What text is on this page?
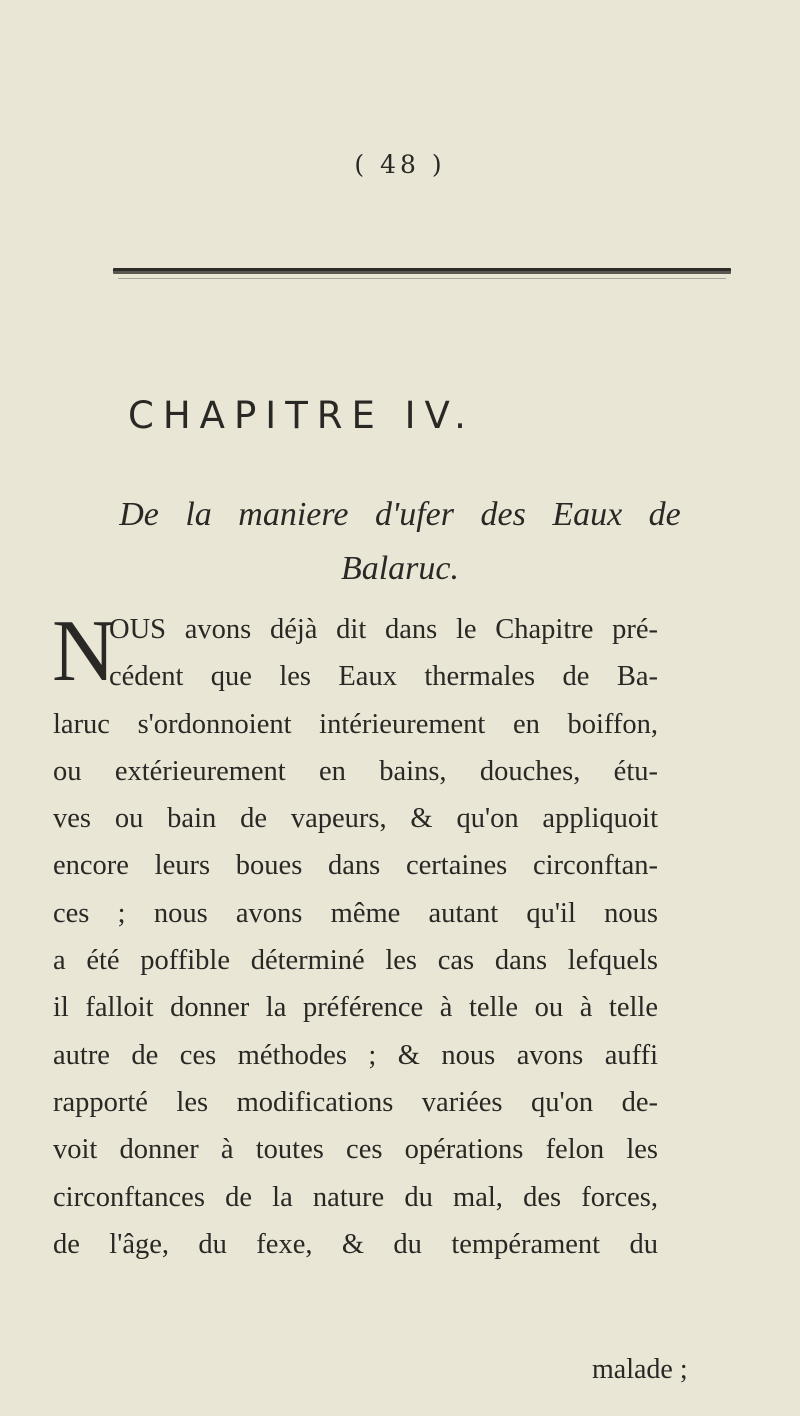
( 48 )
CHAPITRE IV.
De la maniere d'ufer des Eaux de
Balaruc.
N
OUS avons déjà dit dans le Chapitre pré-
cédent que les Eaux thermales de Ba-
laruc s'ordonnoient intérieurement en boiffon,
ou extérieurement en bains, douches, étu-
ves ou bain de vapeurs, & qu'on appliquoit
encore leurs boues dans certaines circonftan-
ces ; nous avons même autant qu'il nous
a été poffible déterminé les cas dans lefquels
il falloit donner la préférence à telle ou à telle
autre de ces méthodes ; & nous avons auffi
rapporté les modifications variées qu'on de-
voit donner à toutes ces opérations felon les
circonftances de la nature du mal, des forces,
de l'âge, du fexe, & du tempérament du
malade ;
